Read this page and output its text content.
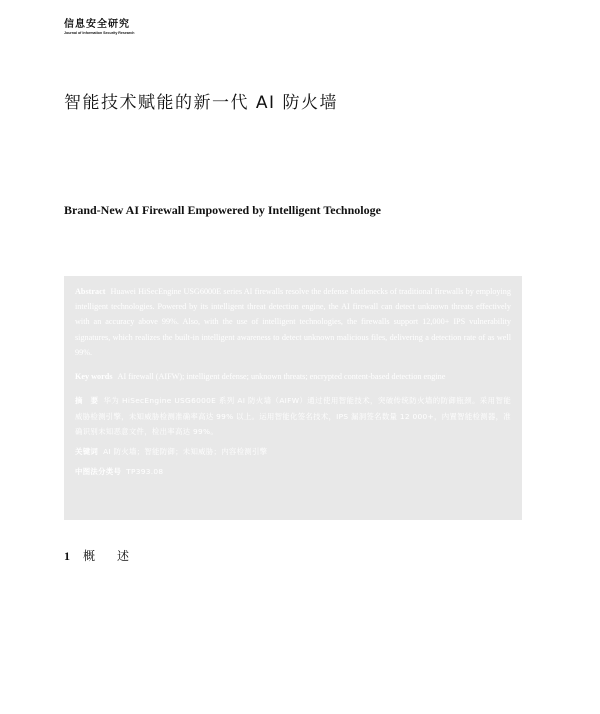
信息安全研究
Journal of Information Security Research
智能技术赋能的新一代 AI 防火墙
Brand-New AI Firewall Empowered by Intelligent Technologe

Abstract Huawei HiSecEngine USG6000E series AI firewalls resolve the defense bottlenecks of traditional firewalls by employing intelligent technologies. Powered by its intelligent threat detection engine, the AI firewall can detect unknown threats effectively with an accuracy above 99%. Also, with the use of intelligent technologies, the firewalls support 12,000+ IPS vulnerability signatures, which realizes the built-in intelligent awareness to detect unknown malicious files, delivering a detection rate of as well 99%.

Key words AI firewall (AIFW); intelligent defense; unknown threats; encrypted content-based detection engine

摘　要 华为 HiSecEngine USG6000E 系列 AI 防火墙（AIFW）通过使用智能技术，突破传统防火墙的防御瓶颈。采用智能威胁检测引擎，未知威胁检测准确率高达 99% 以上。运用智能化签名技术，IPS 漏洞签名数量 12 000+，内置智能检测器，准确识别未知恶意文件，检出率高达 99%。

关键词 AI 防火墙；智能防御；未知威胁；内容检测引擎

中图法分类号 TP393.08

1 概述
